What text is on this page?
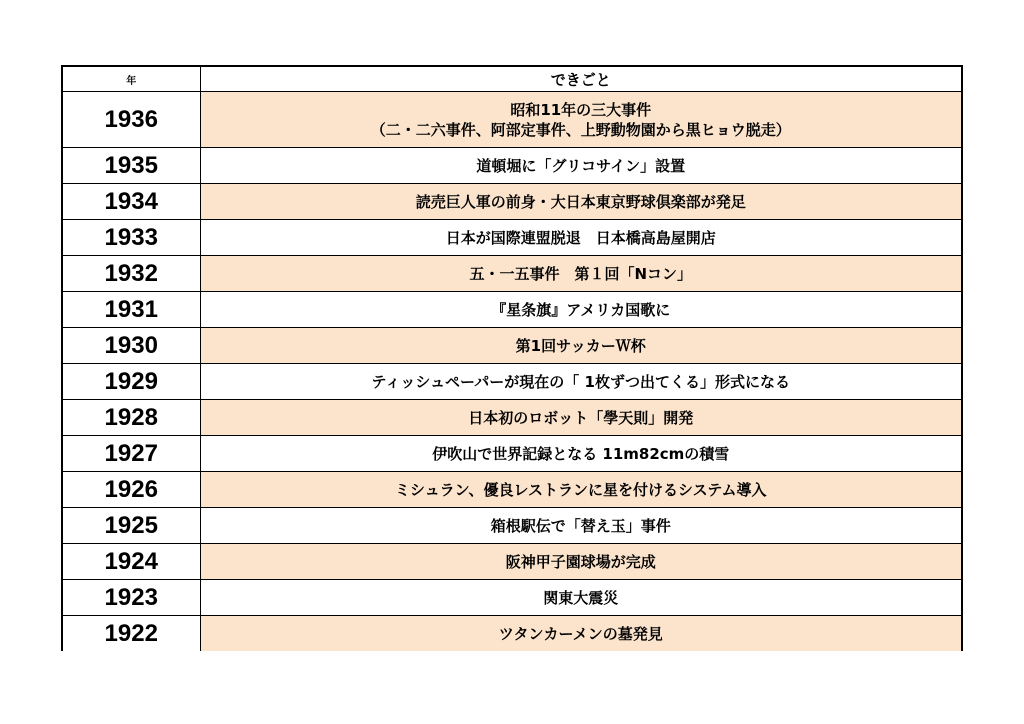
年	できごと
1936	昭和11年の三大事件
（二・二六事件、阿部定事件、上野動物園から黒ヒョウ脱走）

1935	道頓堀に「グリコサイン」設置

1934	読売巨人軍の前身・大日本東京野球倶楽部が発足

1933	日本が国際連盟脱退　日本橋高島屋開店

1932	五・一五事件　第１回「Nコン」

1931	『星条旗』アメリカ国歌に

1930	第1回サッカーＷ杯

1929	ティッシュペーパーが現在の「 1枚ずつ出てくる」形式になる

1928	日本初のロボット「學天則」開発

1927	伊吹山で世界記録となる 11m82cmの積雪

1926	ミシュラン、優良レストランに星を付けるシステム導入

1925	箱根駅伝で「替え玉」事件

1924	阪神甲子園球場が完成

1923	関東大震災

1922	ツタンカーメンの墓発見
